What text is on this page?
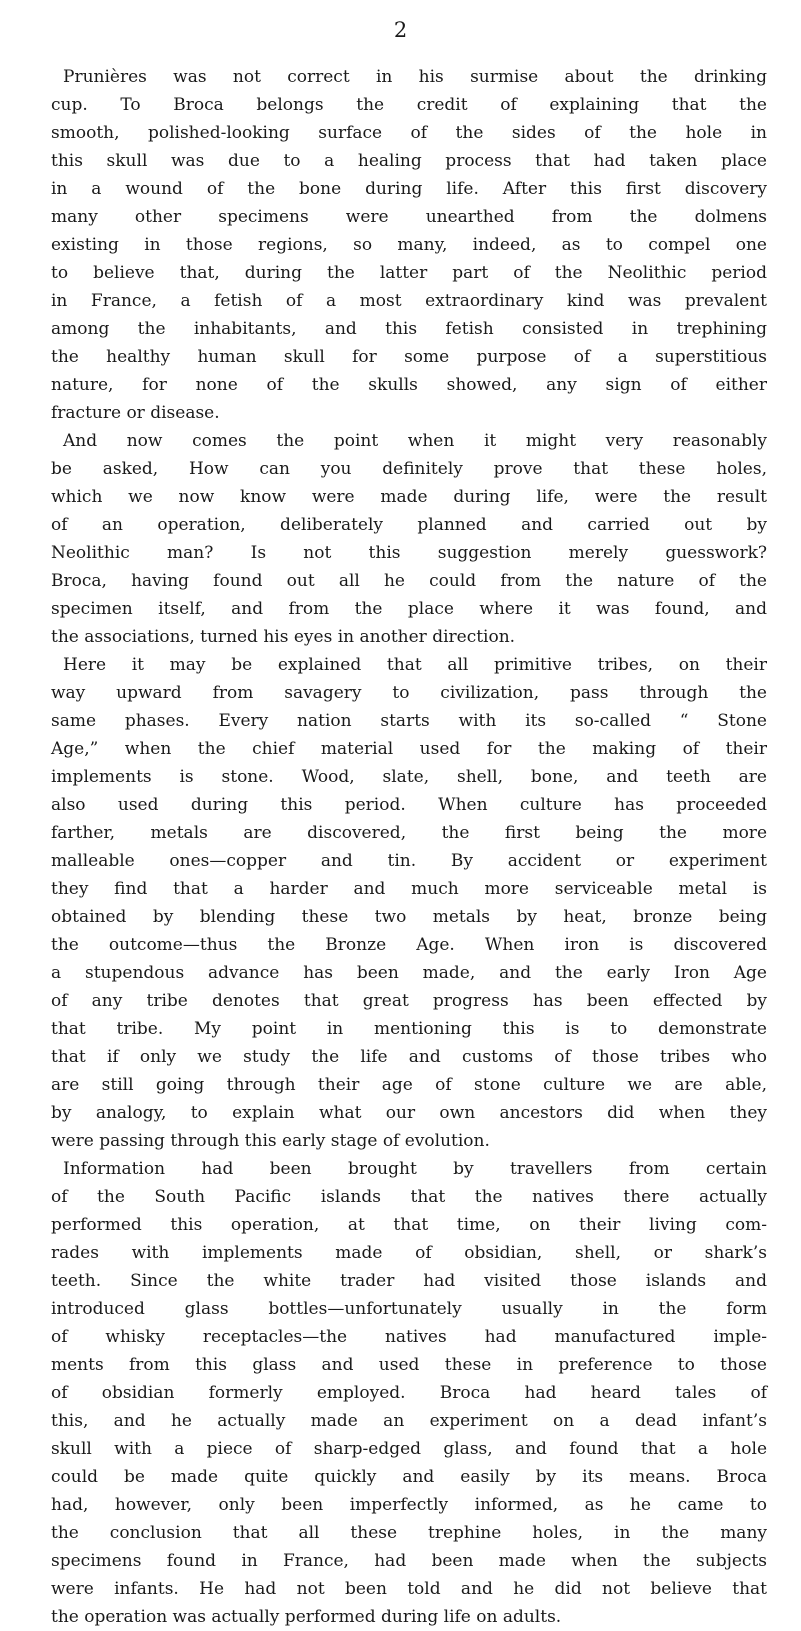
2
Prunières was not correct in his surmise about the drinking
cup. To Broca belongs the credit of explaining that the
smooth, polished-looking surface of the sides of the hole in
this skull was due to a healing process that had taken place
in a wound of the bone during life. After this first discovery
many other specimens were unearthed from the dolmens
existing in those regions, so many, indeed, as to compel one
to believe that, during the latter part of the Neolithic period
in France, a fetish of a most extraordinary kind was prevalent
among the inhabitants, and this fetish consisted in trephining
the healthy human skull for some purpose of a superstitious
nature, for none of the skulls showed, any sign of either
fracture or disease.
And now comes the point when it might very reasonably
be asked, How can you definitely prove that these holes,
which we now know were made during life, were the result
of an operation, deliberately planned and carried out by
Neolithic man? Is not this suggestion merely guesswork?
Broca, having found out all he could from the nature of the
specimen itself, and from the place where it was found, and
the associations, turned his eyes in another direction.
Here it may be explained that all primitive tribes, on their
way upward from savagery to civilization, pass through the
same phases. Every nation starts with its so-called “ Stone
Age,” when the chief material used for the making of their
implements is stone. Wood, slate, shell, bone, and teeth are
also used during this period. When culture has proceeded
farther, metals are discovered, the first being the more
malleable ones—copper and tin. By accident or experiment
they find that a harder and much more serviceable metal is
obtained by blending these two metals by heat, bronze being
the outcome—thus the Bronze Age. When iron is discovered
a stupendous advance has been made, and the early Iron Age
of any tribe denotes that great progress has been effected by
that tribe. My point in mentioning this is to demonstrate
that if only we study the life and customs of those tribes who
are still going through their age of stone culture we are able,
by analogy, to explain what our own ancestors did when they
were passing through this early stage of evolution.
Information had been brought by travellers from certain
of the South Pacific islands that the natives there actually
performed this operation, at that time, on their living com-
rades with implements made of obsidian, shell, or shark’s
teeth. Since the white trader had visited those islands and
introduced glass bottles—unfortunately usually in the form
of whisky receptacles—the natives had manufactured imple-
ments from this glass and used these in preference to those
of obsidian formerly employed. Broca had heard tales of
this, and he actually made an experiment on a dead infant’s
skull with a piece of sharp-edged glass, and found that a hole
could be made quite quickly and easily by its means. Broca
had, however, only been imperfectly informed, as he came to
the conclusion that all these trephine holes, in the many
specimens found in France, had been made when the subjects
were infants. He had not been told and he did not believe that
the operation was actually performed during life on adults.
